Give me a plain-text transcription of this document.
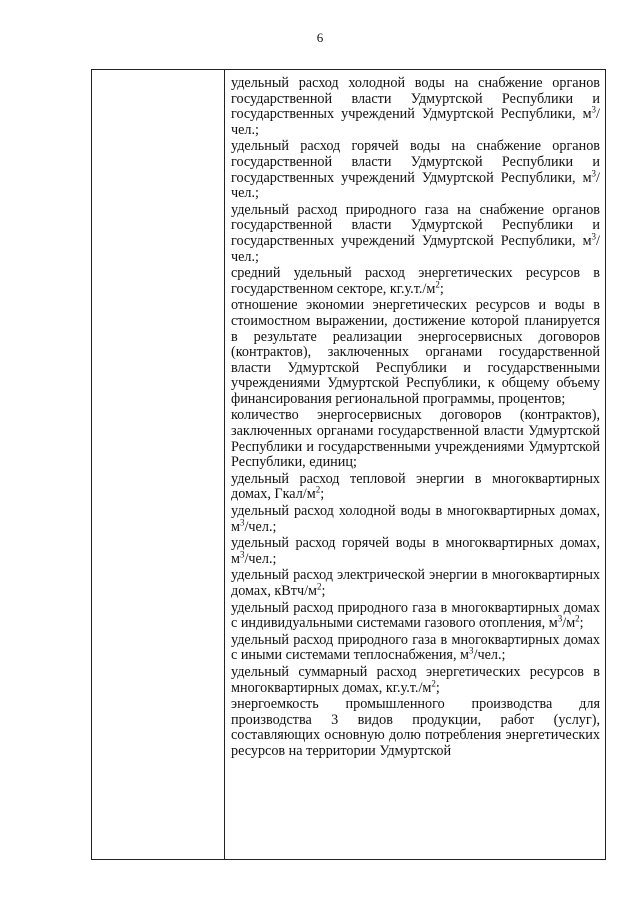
6

удельный расход холодной воды на снабжение органов государственной власти Удмуртской Республики и государственных учреждений Удмуртской Республики, $м^3$/чел.;

удельный расход горячей воды на снабжение органов государственной власти Удмуртской Республики и государственных учреждений Удмуртской Республики, $м^3$/чел.;

удельный расход природного газа на снабжение органов государственной власти Удмуртской Республики и государственных учреждений Удмуртской Республики, $м^3$/чел.;

средний удельный расход энергетических ресурсов в государственном секторе, $кг.у.т./м^2$;

отношение экономии энергетических ресурсов и воды в стоимостном выражении, достижение которой планируется в результате реализации энергосервисных договоров (контрактов), заключенных органами государственной власти Удмуртской Республики и государственными учреждениями Удмуртской Республики, к общему объему финансирования региональной программы, процентов;

количество энергосервисных договоров (контрактов), заключенных органами государственной власти Удмуртской Республики и государственными учреждениями Удмуртской Республики, единиц;

удельный расход тепловой энергии в многоквартирных домах, Гкал/$м^2$;

удельный расход холодной воды в многоквартирных домах, $м^3$/чел.;

удельный расход горячей воды в многоквартирных домах, $м^3$/чел.;

удельный расход электрической энергии в многоквартирных домах, кВтч/$м^2$;

удельный расход природного газа в многоквартирных домах с индивидуальными системами газового отопления, $м^3/м^2$;

удельный расход природного газа в многоквартирных домах с иными системами теплоснабжения, $м^3$/чел.;

удельный суммарный расход энергетических ресурсов в многоквартирных домах, $кг.у.т./м^2$;

энергоемкость промышленного производства для производства 3 видов продукции, работ (услуг), составляющих основную долю потребления энергетических ресурсов на территории Удмуртской
